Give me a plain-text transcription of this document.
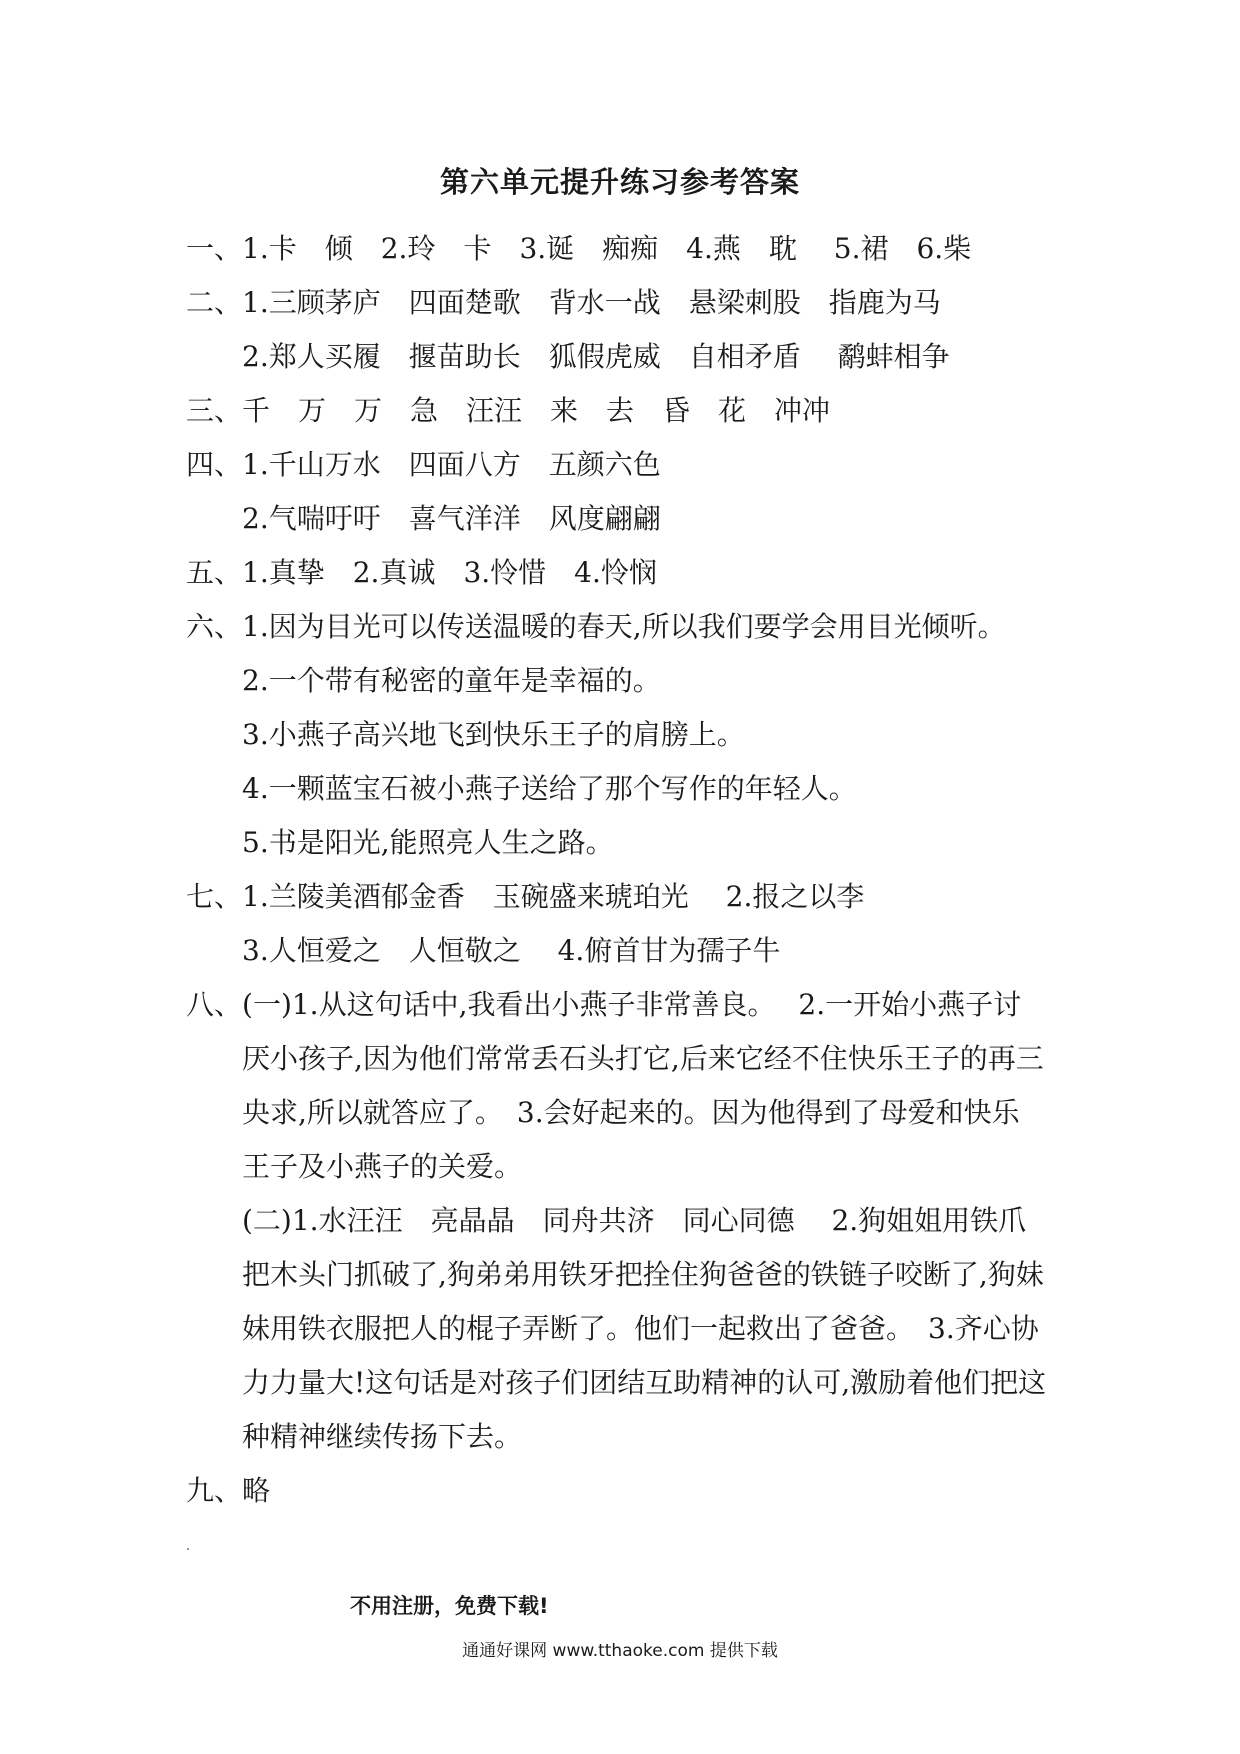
第六单元提升练习参考答案
一、 1.卡　倾　2.玲　卡　3.诞　痴痴　4.燕　耽　 5.裙　6.柴
二、 1.三顾茅庐　四面楚歌　背水一战　悬梁刺股　指鹿为马
2.郑人买履　揠苗助长　狐假虎威　自相矛盾　 鹬蚌相争
三、 千　万　万　急　汪汪　来　去　昏　花　冲冲
四、 1.千山万水　四面八方　五颜六色
2.气喘吁吁　喜气洋洋　风度翩翩
五、 1.真挚　2.真诚　3.怜惜　4.怜悯
六、 1.因为目光可以传送温暖的春天,所以我们要学会用目光倾听。
2.一个带有秘密的童年是幸福的。
3.小燕子高兴地飞到快乐王子的肩膀上。
4.一颗蓝宝石被小燕子送给了那个写作的年轻人。
5.书是阳光,能照亮人生之路。
七、 1.兰陵美酒郁金香　玉碗盛来琥珀光　 2.报之以李
3.人恒爱之　人恒敬之　 4.俯首甘为孺子牛
八、 (一)1.从这句话中,我看出小燕子非常善良。　 2.一开始小燕子讨
厌小孩子,因为他们常常丢石头打它,后来它经不住快乐王子的再三
央求,所以就答应了。　3.会好起来的。因为他得到了母爱和快乐
王子及小燕子的关爱。
(二)1.水汪汪　亮晶晶　同舟共济　同心同德　 2.狗姐姐用铁爪
把木头门抓破了,狗弟弟用铁牙把拴住狗爸爸的铁链子咬断了,狗妹
妹用铁衣服把人的棍子弄断了。他们一起救出了爸爸。　3.齐心协
力力量大!这句话是对孩子们团结互助精神的认可,激励着他们把这
种精神继续传扬下去。
九、 略
不用注册，免费下载!
通通好课网 www.tthaoke.com 提供下载
